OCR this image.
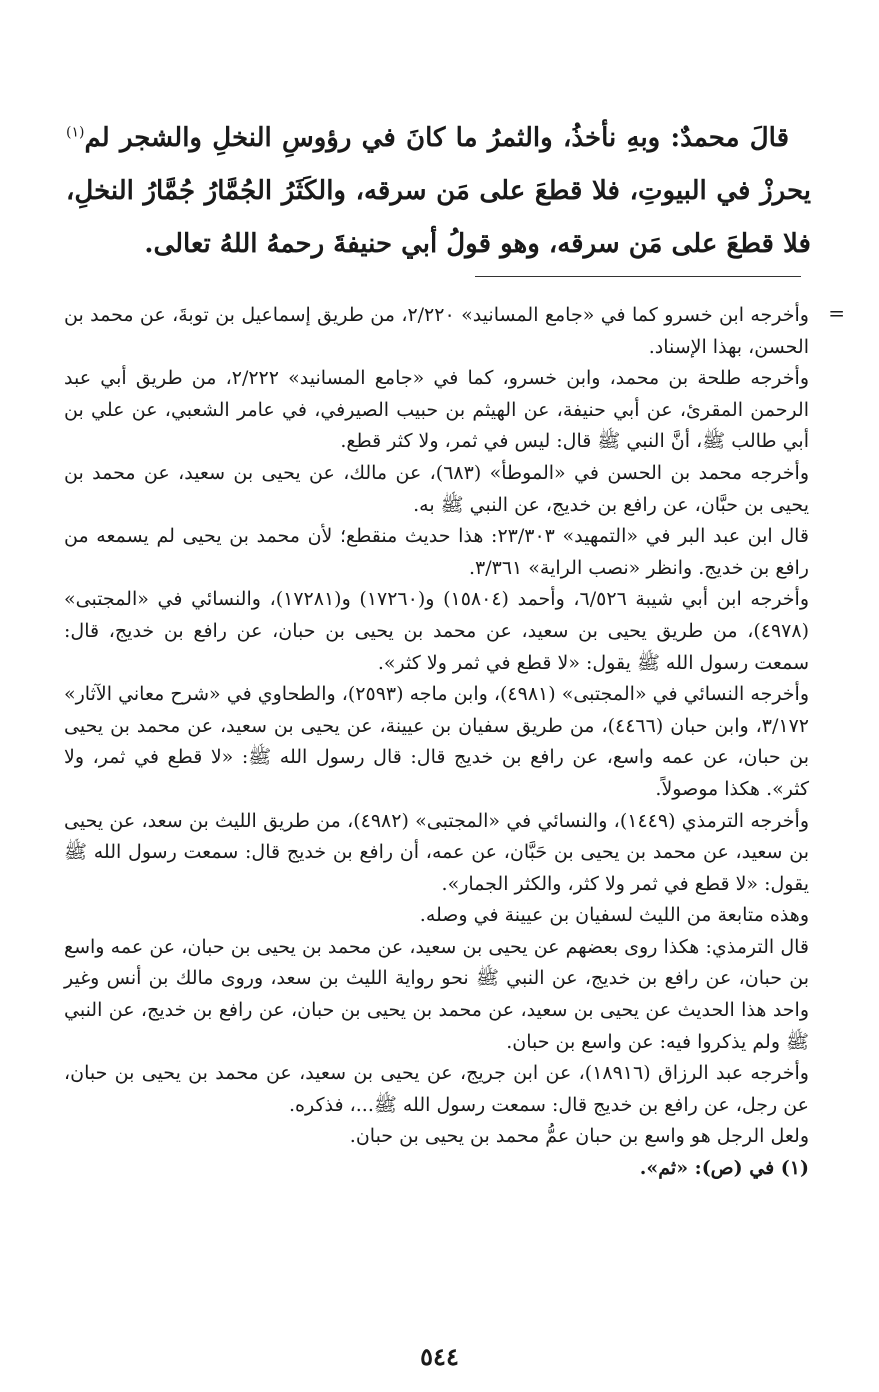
قالَ محمدٌ: وبهِ نأخذُ، والثمرُ ما كانَ في رؤوسِ النخلِ والشجر لم$^{(١)}$ يحرزْ في البيوتِ، فلا قطعَ على مَن سرقه، والكَثَرُ الجُمَّارُ جُمَّارُ النخلِ، فلا قطعَ على مَن سرقه، وهو قولُ أبي حنيفةَ رحمهُ اللهُ تعالى.

=
وأخرجه ابن خسرو كما في «جامع المسانيد» ٢/٢٢٠، من طريق إسماعيل بن توبةَ، عن محمد بن الحسن، بهذا الإسناد.
وأخرجه طلحة بن محمد، وابن خسرو، كما في «جامع المسانيد» ٢/٢٢٢، من طريق أبي عبد الرحمن المقرئ، عن أبي حنيفة، عن الهيثم بن حبيب الصيرفي، في عامر الشعبي، عن علي بن أبي طالب ﷺ، أنَّ النبي ﷺ قال: ليس في ثمر، ولا كثر قطع.
وأخرجه محمد بن الحسن في «الموطأ» (٦٨٣)، عن مالك، عن يحيى بن سعيد، عن محمد بن يحيى بن حبَّان، عن رافع بن خديج، عن النبي ﷺ به.
قال ابن عبد البر في «التمهيد» ٢٣/٣٠٣: هذا حديث منقطع؛ لأن محمد بن يحيى لم يسمعه من رافع بن خديج. وانظر «نصب الراية» ٣/٣٦١.
وأخرجه ابن أبي شيبة ٦/٥٢٦، وأحمد (١٥٨٠٤) و(١٧٢٦٠) و(١٧٢٨١)، والنسائي في «المجتبى» (٤٩٧٨)، من طريق يحيى بن سعيد، عن محمد بن يحيى بن حبان، عن رافع بن خديج، قال: سمعت رسول الله ﷺ يقول: «لا قطع في ثمر ولا كثر».
وأخرجه النسائي في «المجتبى» (٤٩٨١)، وابن ماجه (٢٥٩٣)، والطحاوي في «شرح معاني الآثار» ٣/١٧٢، وابن حبان (٤٤٦٦)، من طريق سفيان بن عيينة، عن يحيى بن سعيد، عن محمد بن يحيى بن حبان، عن عمه واسع، عن رافع بن خديج قال: قال رسول الله ﷺ: «لا قطع في ثمر، ولا كثر». هكذا موصولاً.
وأخرجه الترمذي (١٤٤٩)، والنسائي في «المجتبى» (٤٩٨٢)، من طريق الليث بن سعد، عن يحيى بن سعيد، عن محمد بن يحيى بن حَبَّان، عن عمه، أن رافع بن خديج قال: سمعت رسول الله ﷺ يقول: «لا قطع في ثمر ولا كثر، والكثر الجمار».
وهذه متابعة من الليث لسفيان بن عيينة في وصله.
قال الترمذي: هكذا روى بعضهم عن يحيى بن سعيد، عن محمد بن يحيى بن حبان، عن عمه واسع بن حبان، عن رافع بن خديج، عن النبي ﷺ نحو رواية الليث بن سعد، وروى مالك بن أنس وغير واحد هذا الحديث عن يحيى بن سعيد، عن محمد بن يحيى بن حبان، عن رافع بن خديج، عن النبي ﷺ ولم يذكروا فيه: عن واسع بن حبان.
وأخرجه عبد الرزاق (١٨٩١٦)، عن ابن جريج، عن يحيى بن سعيد، عن محمد بن يحيى بن حبان، عن رجل، عن رافع بن خديج قال: سمعت رسول الله ﷺ...، فذكره.
ولعل الرجل هو واسع بن حبان عمُّ محمد بن يحيى بن حبان.
(١) في (ص): «ثم».
٥٤٤
